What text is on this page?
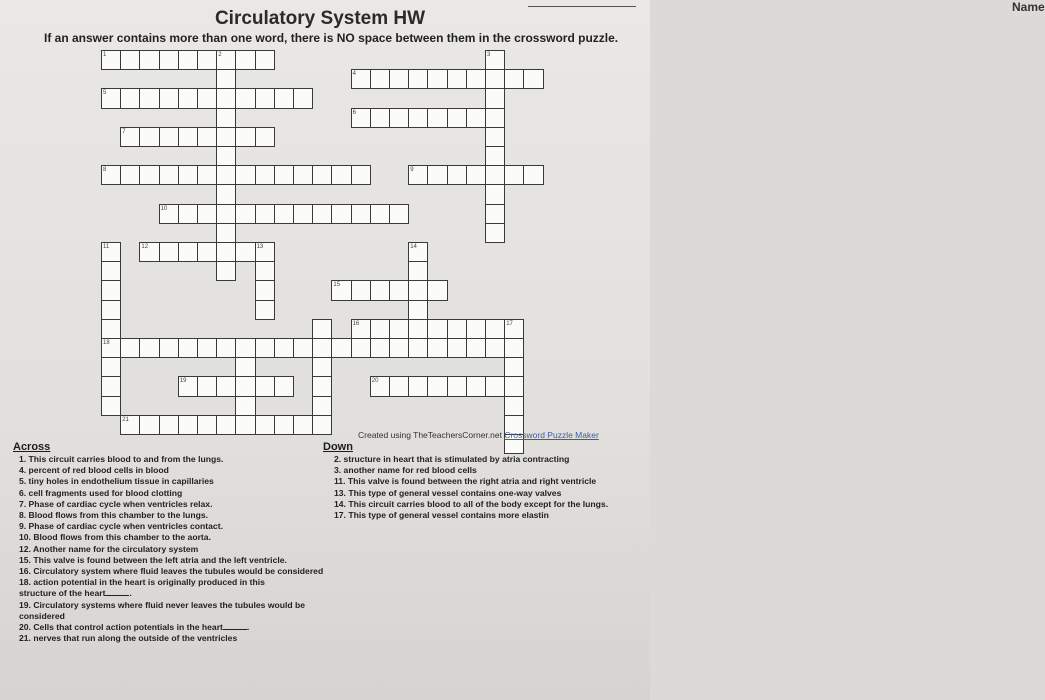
Name
Circulatory System HW
If an answer contains more than one word, there is NO space between them in the crossword puzzle.
1	2	3
4
5
6
7
8	9
10
11	12	13	14
15
16	17
18
19	20
21
Created using TheTeachersCorner.net Crossword Puzzle Maker
Across
1. This circuit carries blood to and from the lungs.
4. percent of red blood cells in blood
5. tiny holes in endothelium tissue in capillaries
6. cell fragments used for blood clotting
7. Phase of cardiac cycle when ventricles relax.
8. Blood flows from this chamber to the lungs.
9. Phase of cardiac cycle when ventricles contact.
10. Blood flows from this chamber to the aorta.
12. Another name for the circulatory system
15. This valve is found between the left atria and the left ventricle.
16. Circulatory system where fluid leaves the tubules would be considered
18. action potential in the heart is originally produced in this structure of the heart	.
19. Circulatory systems where fluid never leaves the tubules would be considered
20. Cells that control action potentials in the heart	.
21. nerves that run along the outside of the ventricles
Down
2. structure in heart that is stimulated by atria contracting
3. another name for red blood cells
11. This valve is found between the right atria and right ventricle
13. This type of general vessel contains one-way valves
14. This circuit carries blood to all of the body except for the lungs.
17. This type of general vessel contains more elastin
